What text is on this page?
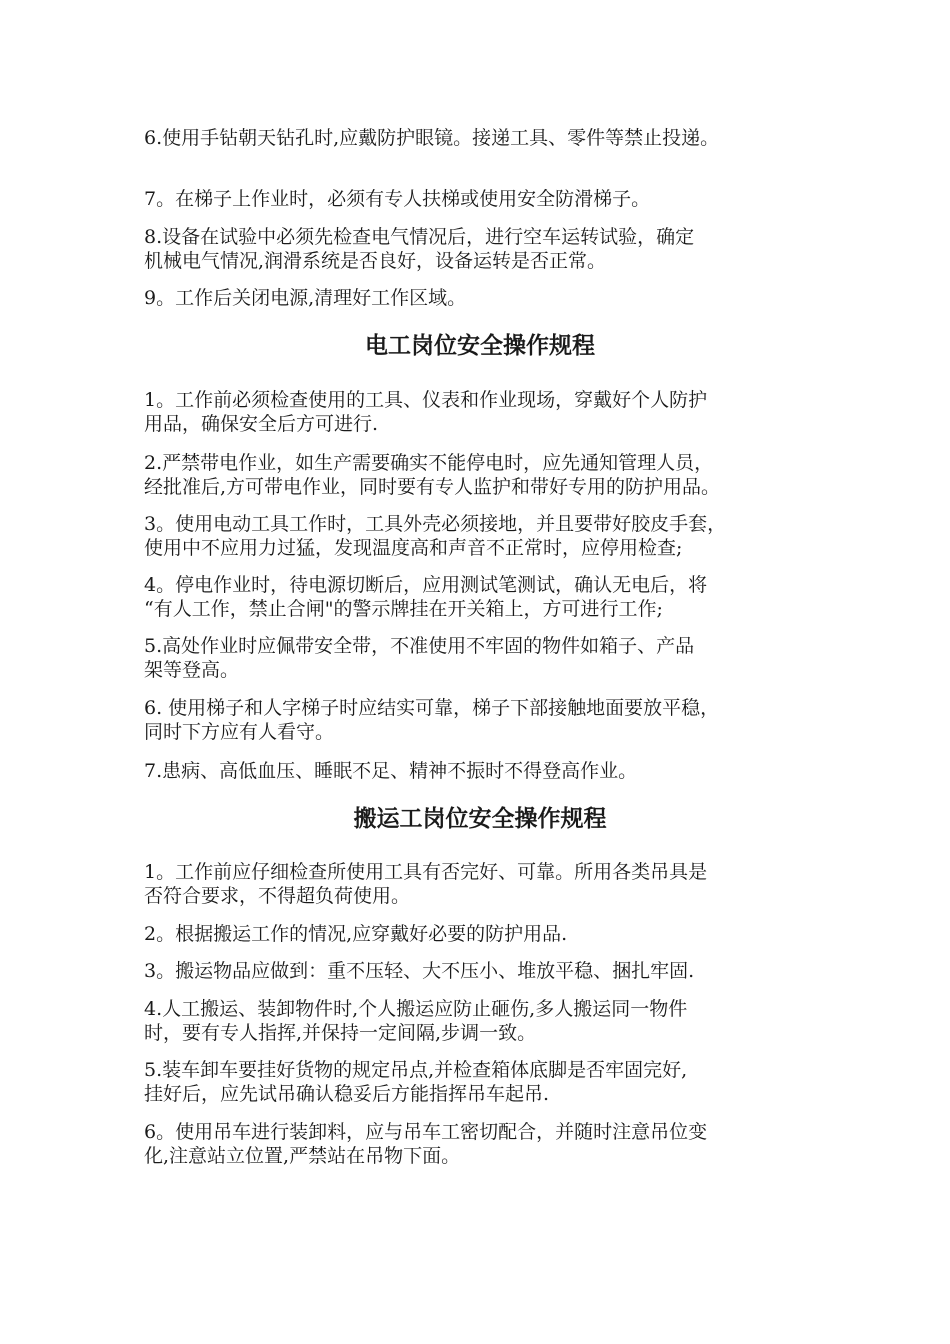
6.使用手钻朝天钻孔时,应戴防护眼镜。接递工具、零件等禁止投递。

7。在梯子上作业时，必须有专人扶梯或使用安全防滑梯子。

8.设备在试验中必须先检查电气情况后，进行空车运转试验，确定
机械电气情况,润滑系统是否良好，设备运转是否正常。

9。工作后关闭电源,清理好工作区域。

电工岗位安全操作规程

1。工作前必须检查使用的工具、仪表和作业现场，穿戴好个人防护
用品，确保安全后方可进行.

2.严禁带电作业，如生产需要确实不能停电时，应先通知管理人员，
经批准后,方可带电作业，同时要有专人监护和带好专用的防护用品。

3。使用电动工具工作时，工具外壳必须接地，并且要带好胶皮手套，
使用中不应用力过猛，发现温度高和声音不正常时，应停用检查;

4。停电作业时，待电源切断后，应用测试笔测试，确认无电后，将
“有人工作，禁止合闸"的警示牌挂在开关箱上，方可进行工作;

5.高处作业时应佩带安全带，不准使用不牢固的物件如箱子、产品
架等登高。

6. 使用梯子和人字梯子时应结实可靠，梯子下部接触地面要放平稳，
同时下方应有人看守。

7.患病、高低血压、睡眠不足、精神不振时不得登高作业。

搬运工岗位安全操作规程

1。工作前应仔细检查所使用工具有否完好、可靠。所用各类吊具是
否符合要求，不得超负荷使用。

2。根据搬运工作的情况,应穿戴好必要的防护用品.

3。搬运物品应做到：重不压轻、大不压小、堆放平稳、捆扎牢固.

4.人工搬运、装卸物件时,个人搬运应防止砸伤,多人搬运同一物件
时，要有专人指挥,并保持一定间隔,步调一致。

5.装车卸车要挂好货物的规定吊点,并检查箱体底脚是否牢固完好,
挂好后，应先试吊确认稳妥后方能指挥吊车起吊.

6。使用吊车进行装卸料，应与吊车工密切配合，并随时注意吊位变
化,注意站立位置,严禁站在吊物下面。
